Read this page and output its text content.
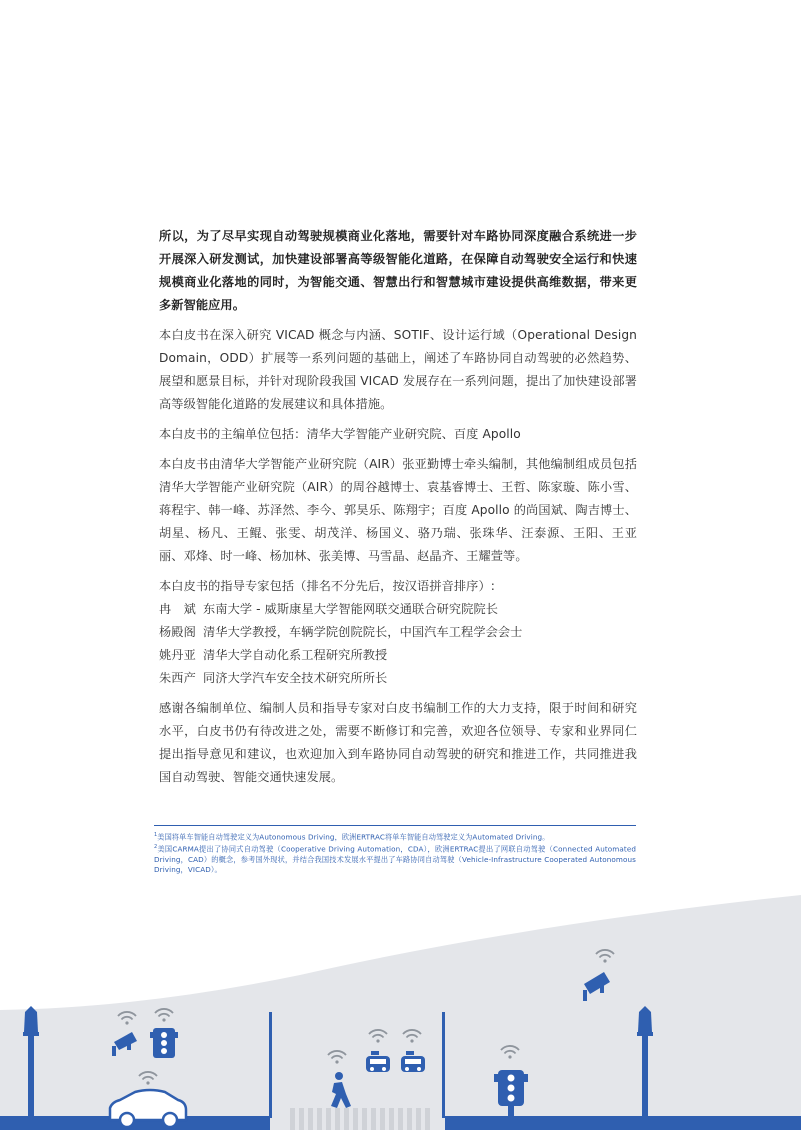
所以，为了尽早实现自动驾驶规模商业化落地，需要针对车路协同深度融合系统进一步开展深入研发测试，加快建设部署高等级智能化道路，在保障自动驾驶安全运行和快速规模商业化落地的同时，为智能交通、智慧出行和智慧城市建设提供高维数据，带来更多新智能应用。

本白皮书在深入研究 VICAD 概念与内涵、SOTIF、设计运行域（Operational Design Domain，ODD）扩展等一系列问题的基础上，阐述了车路协同自动驾驶的必然趋势、展望和愿景目标，并针对现阶段我国 VICAD 发展存在一系列问题，提出了加快建设部署高等级智能化道路的发展建议和具体措施。

本白皮书的主编单位包括：清华大学智能产业研究院、百度 Apollo

本白皮书由清华大学智能产业研究院（AIR）张亚勤博士牵头编制，其他编制组成员包括清华大学智能产业研究院（AIR）的周谷越博士、袁基睿博士、王哲、陈家璇、陈小雪、蒋程宇、韩一峰、苏泽然、李今、郭昊乐、陈翔宇；百度 Apollo 的尚国斌、陶吉博士、胡星、杨凡、王鲲、张雯、胡茂洋、杨国义、骆乃瑞、张珠华、汪泰源、王阳、王亚丽、邓烽、时一峰、杨加林、张美博、马雪晶、赵晶齐、王耀萱等。

本白皮书的指导专家包括（排名不分先后，按汉语拼音排序）:

冉　斌 东南大学 - 威斯康星大学智能网联交通联合研究院院长

杨殿阁 清华大学教授，车辆学院创院院长，中国汽车工程学会会士

姚丹亚 清华大学自动化系工程研究所教授

朱西产 同济大学汽车安全技术研究所所长

感谢各编制单位、编制人员和指导专家对白皮书编制工作的大力支持，限于时间和研究水平，白皮书仍有待改进之处，需要不断修订和完善，欢迎各位领导、专家和业界同仁提出指导意见和建议，也欢迎加入到车路协同自动驾驶的研究和推进工作，共同推进我国自动驾驶、智能交通快速发展。

$^1$美国将单车智能自动驾驶定义为Autonomous Driving，欧洲ERTRAC将单车智能自动驾驶定义为Automated Driving。

$^2$美国CARMA提出了协同式自动驾驶（Cooperative Driving Automation，CDA），欧洲ERTRAC提出了网联自动驾驶（Connected Automated Driving，CAD）的概念，参考国外现状，并结合我国技术发展水平提出了车路协同自动驾驶（Vehicle-Infrastructure Cooperated Autonomous Driving，VICAD）。
